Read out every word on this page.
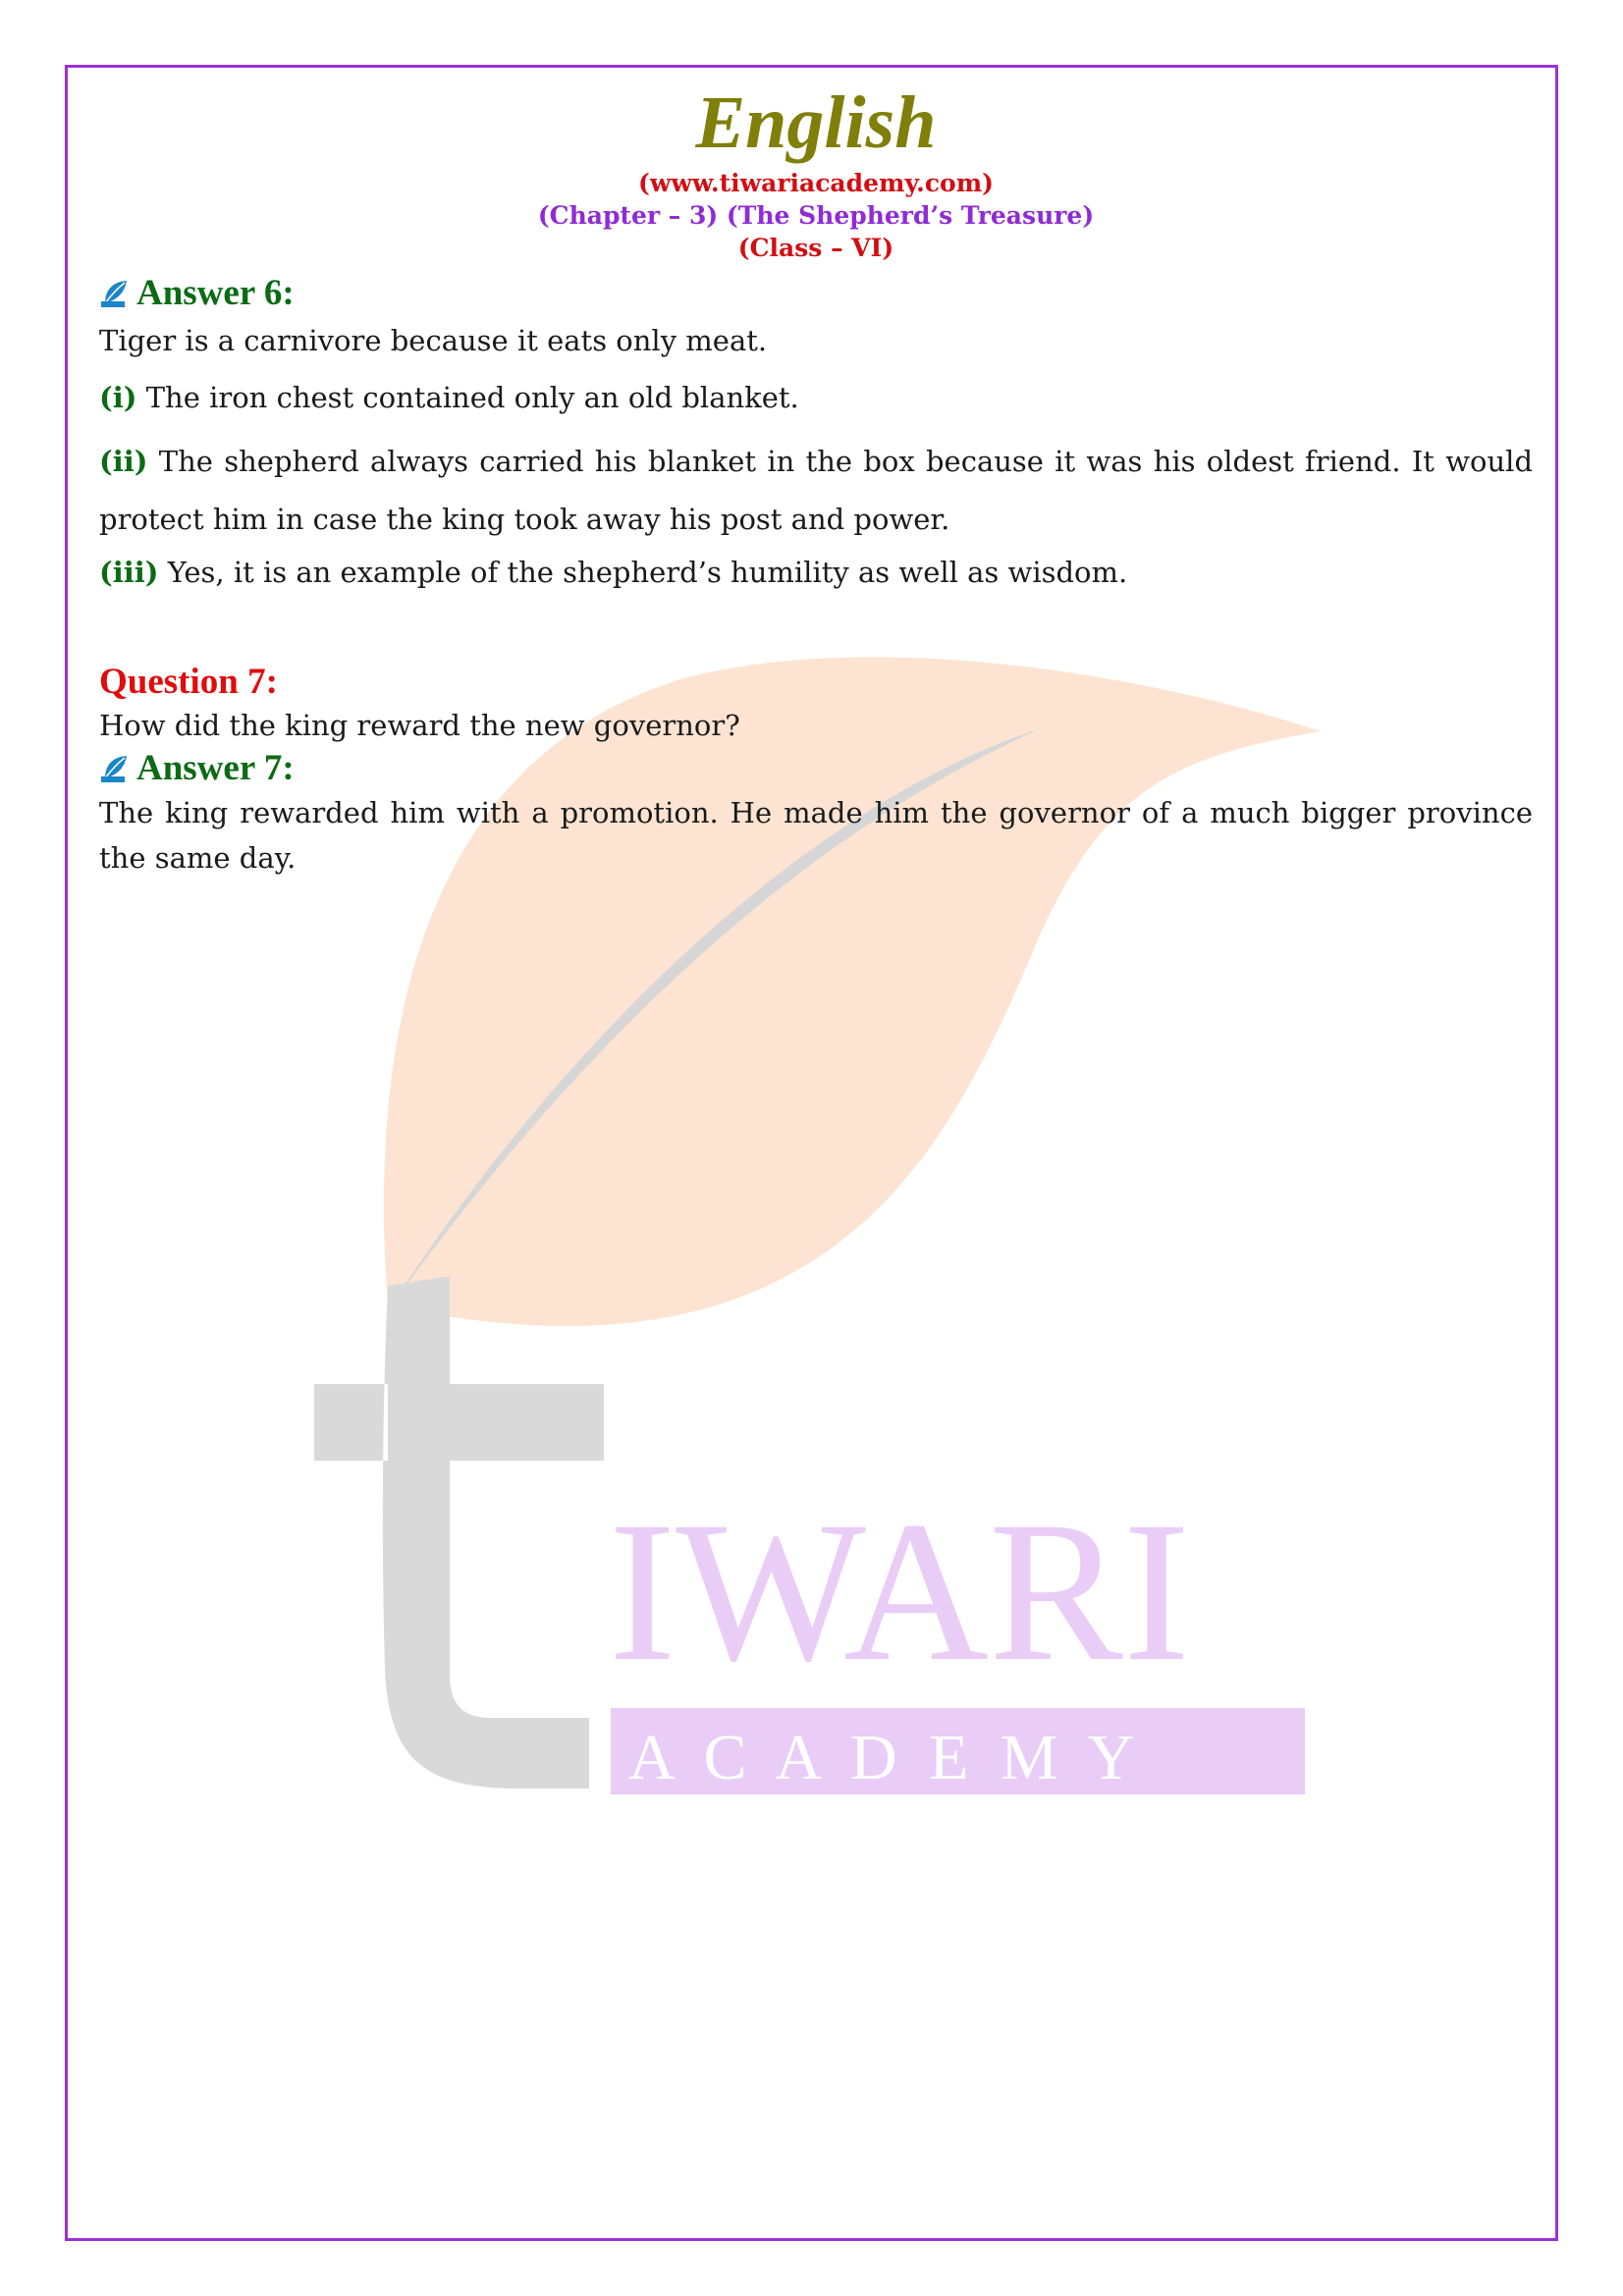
IWARI
A C A D E M Y
English
(www.tiwariacademy.com)
(Chapter – 3) (The Shepherd’s Treasure)
(Class – VI)
Answer 6:

Tiger is a carnivore because it eats only meat.

(i) The iron chest contained only an old blanket.

(ii) The shepherd always carried his blanket in the box because it was his oldest friend. It would protect him in case the king took away his post and power.

(iii) Yes, it is an example of the shepherd’s humility as well as wisdom.

Question 7:

How did the king reward the new governor?

Answer 7:

The king rewarded him with a promotion. He made him the governor of a much bigger province the same day.
